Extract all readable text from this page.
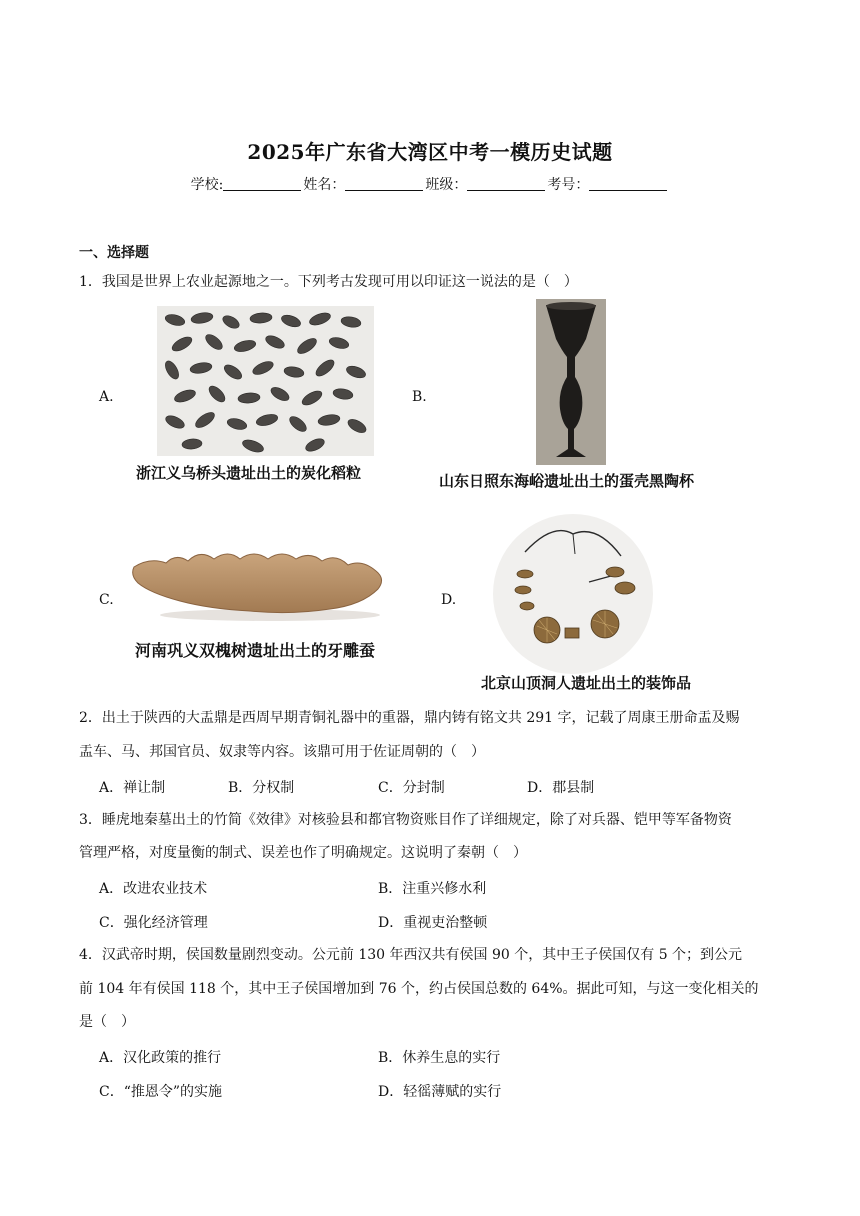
2025年广东省大湾区中考一模历史试题
学校:	姓名：	班级：	考号：
一、选择题
1．我国是世界上农业起源地之一。下列考古发现可用以印证这一说法的是（　）
A.
浙江义乌桥头遗址出土的炭化稻粒
B.
山东日照东海峪遗址出土的蛋壳黑陶杯
C.
河南巩义双槐树遗址出土的牙雕蚕
D.
北京山顶洞人遗址出土的装饰品
2．出土于陕西的大盂鼎是西周早期青铜礼器中的重器，鼎内铸有铭文共 291 字，记载了周康王册命盂及赐
盂车、马、邦国官员、奴隶等内容。该鼎可用于佐证周朝的（　）
A．禅让制	B．分权制	C．分封制	D．郡县制
3．睡虎地秦墓出土的竹简《效律》对核验县和都官物资账目作了详细规定，除了对兵器、铠甲等军备物资
管理严格，对度量衡的制式、误差也作了明确规定。这说明了秦朝（　）
A．改进农业技术	B．注重兴修水利
C．强化经济管理	D．重视吏治整顿
4．汉武帝时期，侯国数量剧烈变动。公元前 130 年西汉共有侯国 90 个，其中王子侯国仅有 5 个；到公元
前 104 年有侯国 118 个，其中王子侯国增加到 76 个，约占侯国总数的 64%。据此可知，与这一变化相关的
是（　）
A．汉化政策的推行	B．休养生息的实行
C．“推恩令”的实施	D．轻徭薄赋的实行
